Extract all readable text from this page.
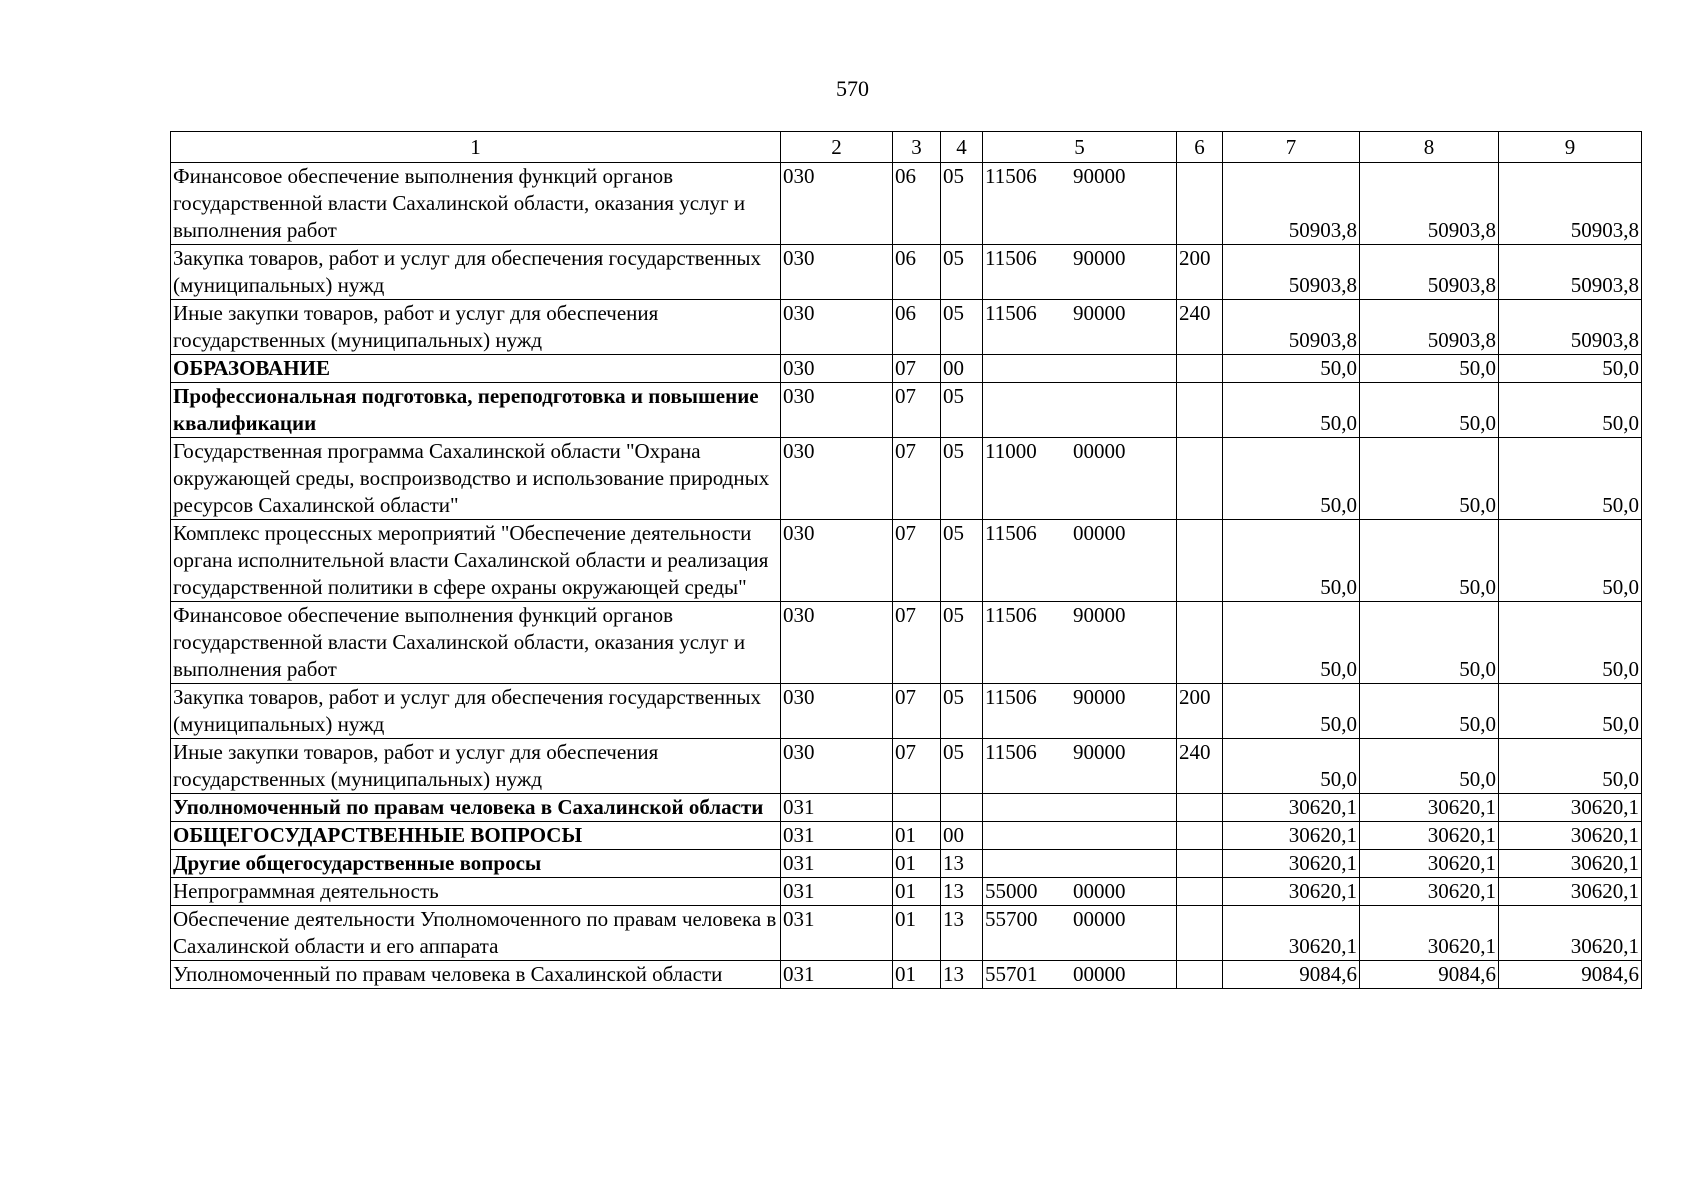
570
1	2	3	4	5	6	7	8	9
Финансовое обеспечение выполнения функций органов государственной власти Сахалинской области, оказания услуг и выполнения работ	030	06	05	11506 90000		50903,8	50903,8	50903,8
Закупка товаров, работ и услуг для обеспечения государственных (муниципальных) нужд	030	06	05	11506 90000	200	50903,8	50903,8	50903,8
Иные закупки товаров, работ и услуг для обеспечения государственных (муниципальных) нужд	030	06	05	11506 90000	240	50903,8	50903,8	50903,8
ОБРАЗОВАНИЕ	030	07	00			50,0	50,0	50,0
Профессиональная подготовка, переподготовка и повышение квалификации	030	07	05			50,0	50,0	50,0
Государственная программа Сахалинской области "Охрана окружающей среды, воспроизводство и использование природных ресурсов Сахалинской области"	030	07	05	11000 00000		50,0	50,0	50,0
Комплекс процессных мероприятий "Обеспечение деятельности органа исполнительной власти Сахалинской области и реализация государственной политики в сфере охраны окружающей среды"	030	07	05	11506 00000		50,0	50,0	50,0
Финансовое обеспечение выполнения функций органов государственной власти Сахалинской области, оказания услуг и выполнения работ	030	07	05	11506 90000		50,0	50,0	50,0
Закупка товаров, работ и услуг для обеспечения государственных (муниципальных) нужд	030	07	05	11506 90000	200	50,0	50,0	50,0
Иные закупки товаров, работ и услуг для обеспечения государственных (муниципальных) нужд	030	07	05	11506 90000	240	50,0	50,0	50,0
Уполномоченный по правам человека в Сахалинской области	031					30620,1	30620,1	30620,1
ОБЩЕГОСУДАРСТВЕННЫЕ ВОПРОСЫ	031	01	00			30620,1	30620,1	30620,1
Другие общегосударственные вопросы	031	01	13			30620,1	30620,1	30620,1
Непрограммная деятельность	031	01	13	55000 00000		30620,1	30620,1	30620,1
Обеспечение деятельности Уполномоченного по правам человека в Сахалинской области и его аппарата	031	01	13	55700 00000		30620,1	30620,1	30620,1
Уполномоченный по правам человека в Сахалинской области	031	01	13	55701 00000		9084,6	9084,6	9084,6
